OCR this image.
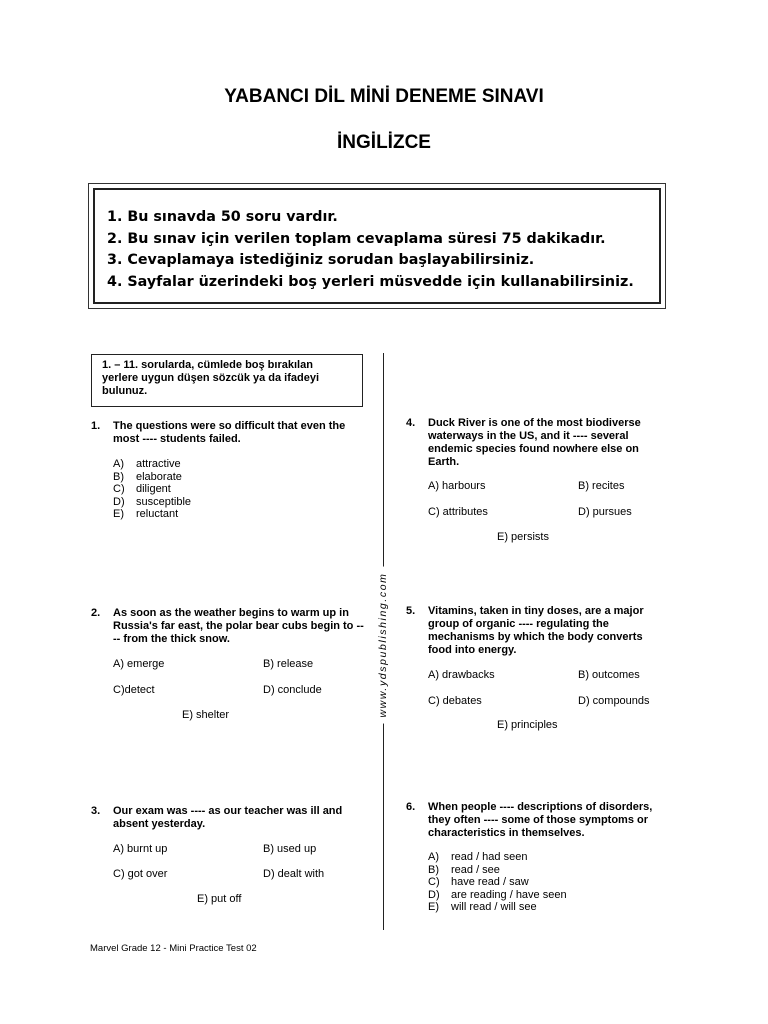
YABANCI DİL MİNİ DENEME SINAVI
İNGİLİZCE
1. Bu sınavda 50 soru vardır.
2. Bu sınav için verilen toplam cevaplama süresi 75 dakikadır.
3. Cevaplamaya istediğiniz sorudan başlayabilirsiniz.
4. Sayfalar üzerindeki boş yerleri müsvedde için kullanabilirsiniz.
1. – 11. sorularda, cümlede boş bırakılan yerlere uygun düşen sözcük ya da ifadeyi bulunuz.
www.ydspublishing.com
1. The questions were so difficult that even the most ---- students failed.
A) attractive
B) elaborate
C) diligent
D) susceptible
E) reluctant
2. As soon as the weather begins to warm up in Russia's far east, the polar bear cubs begin to ---- from the thick snow.
A) emerge	B) release
C)detect	D) conclude
E) shelter
3. Our exam was ---- as our teacher was ill and absent yesterday.
A) burnt up	B) used up
C) got over	D) dealt with
E) put off
4. Duck River is one of the most biodiverse waterways in the US, and it ---- several endemic species found nowhere else on Earth.
A) harbours	B) recites
C) attributes	D) pursues
E) persists
5. Vitamins, taken in tiny doses, are a major group of organic ---- regulating the mechanisms by which the body converts food into energy.
A) drawbacks	B) outcomes
C) debates	D) compounds
E) principles
6. When people ---- descriptions of disorders, they often ---- some of those symptoms or characteristics in themselves.
A) read / had seen
B) read / see
C) have read / saw
D) are reading / have seen
E) will read / will see
Marvel Grade 12 - Mini Practice Test 02
